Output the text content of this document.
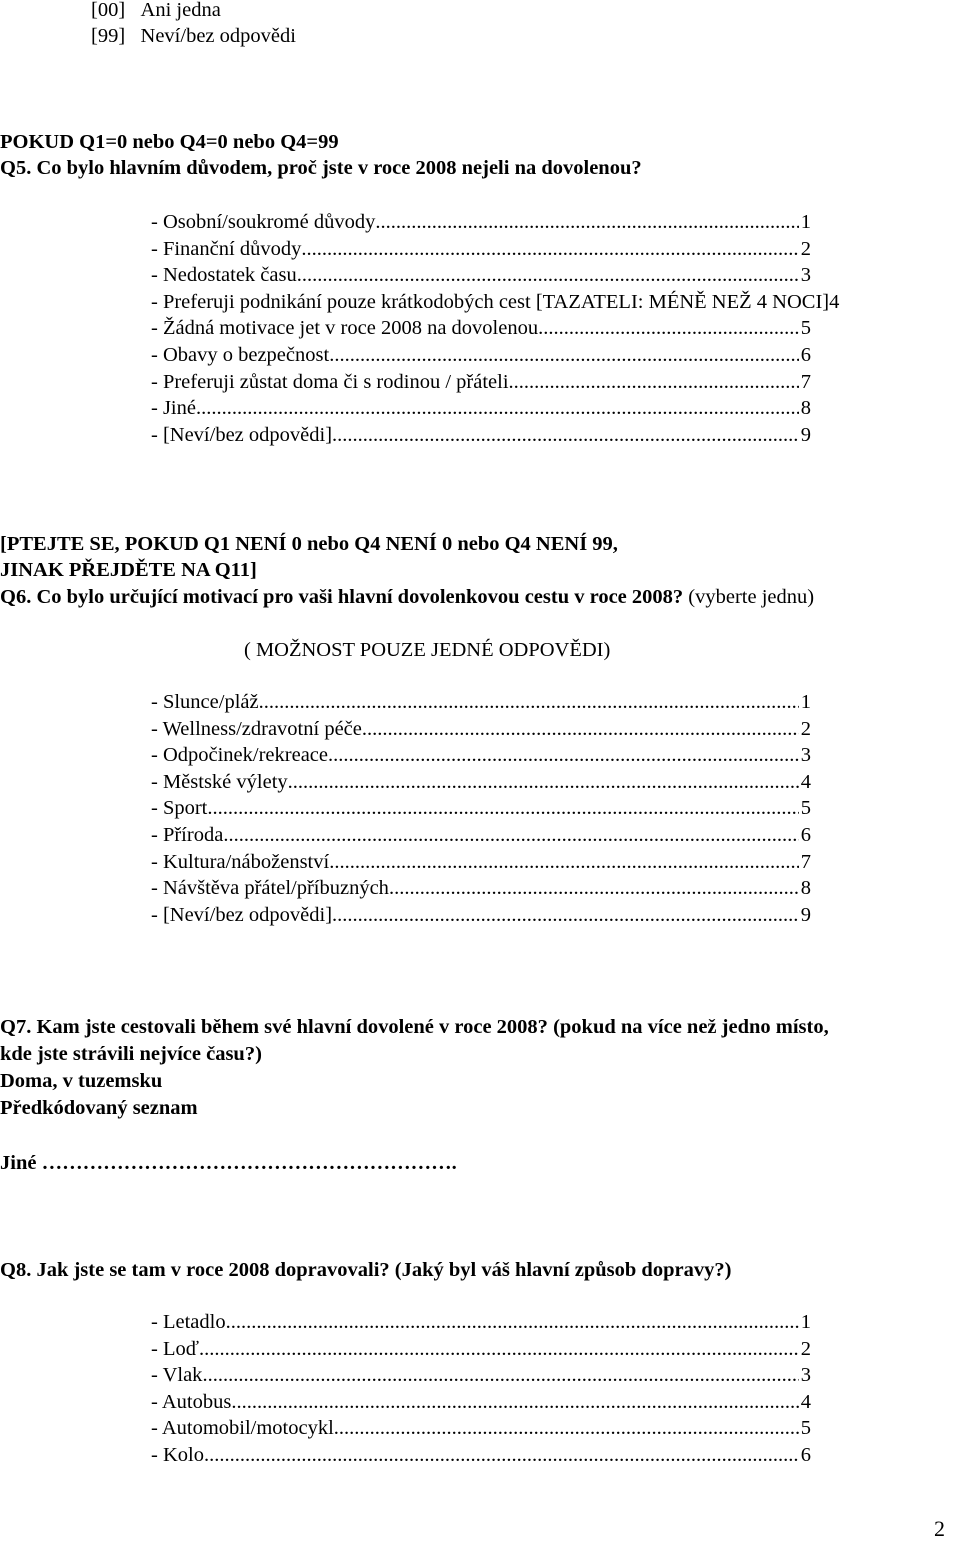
[00]   Ani jedna
[99]   Neví/bez odpovědi
POKUD Q1=0 nebo Q4=0 nebo Q4=99
Q5. Co bylo hlavním důvodem, proč jste v roce 2008 nejeli na dovolenou?
- Osobní/soukromé důvody .....	1
- Finanční důvody .....	2
- Nedostatek času .....	3
- Preferuji podnikání pouze krátkodobých cest [TAZATELI: MÉNĚ NEŽ 4 NOCI] 4
- Žádná motivace jet v roce 2008 na dovolenou .....	5
- Obavy o bezpečnost .....	6
- Preferuji zůstat doma či s rodinou / přáteli .....	7
- Jiné .....	8
- [Neví/bez odpovědi] .....	9
[PTEJTE SE, POKUD Q1 NENÍ 0 nebo Q4 NENÍ 0 nebo Q4 NENÍ 99,
JINAK PŘEJDĚTE NA Q11]
Q6. Co bylo určující motivací pro vaši hlavní dovolenkovou cestu v roce 2008? (vyberte jednu)
( MOŽNOST POUZE JEDNÉ ODPOVĚDI)
- Slunce/pláž .....	1
- Wellness/zdravotní péče .....	2
- Odpočinek/rekreace .....	3
- Městské výlety .....	4
- Sport .....	5
- Příroda .....	6
- Kultura/náboženství .....	7
- Návštěva přátel/příbuzných .....	8
- [Neví/bez odpovědi] .....	9
Q7. Kam jste cestovali během své hlavní dovolené v roce 2008? (pokud na více než jedno místo,
kde jste strávili nejvíce času?)
Doma, v tuzemsku
Předkódovaný seznam
Jiné …………………………………………………….
Q8. Jak jste se tam v roce 2008 dopravovali? (Jaký byl váš hlavní způsob dopravy?)
- Letadlo .....	1
- Loď .....	2
- Vlak .....	3
- Autobus .....	4
- Automobil/motocykl .....	5
- Kolo .....	6
2
